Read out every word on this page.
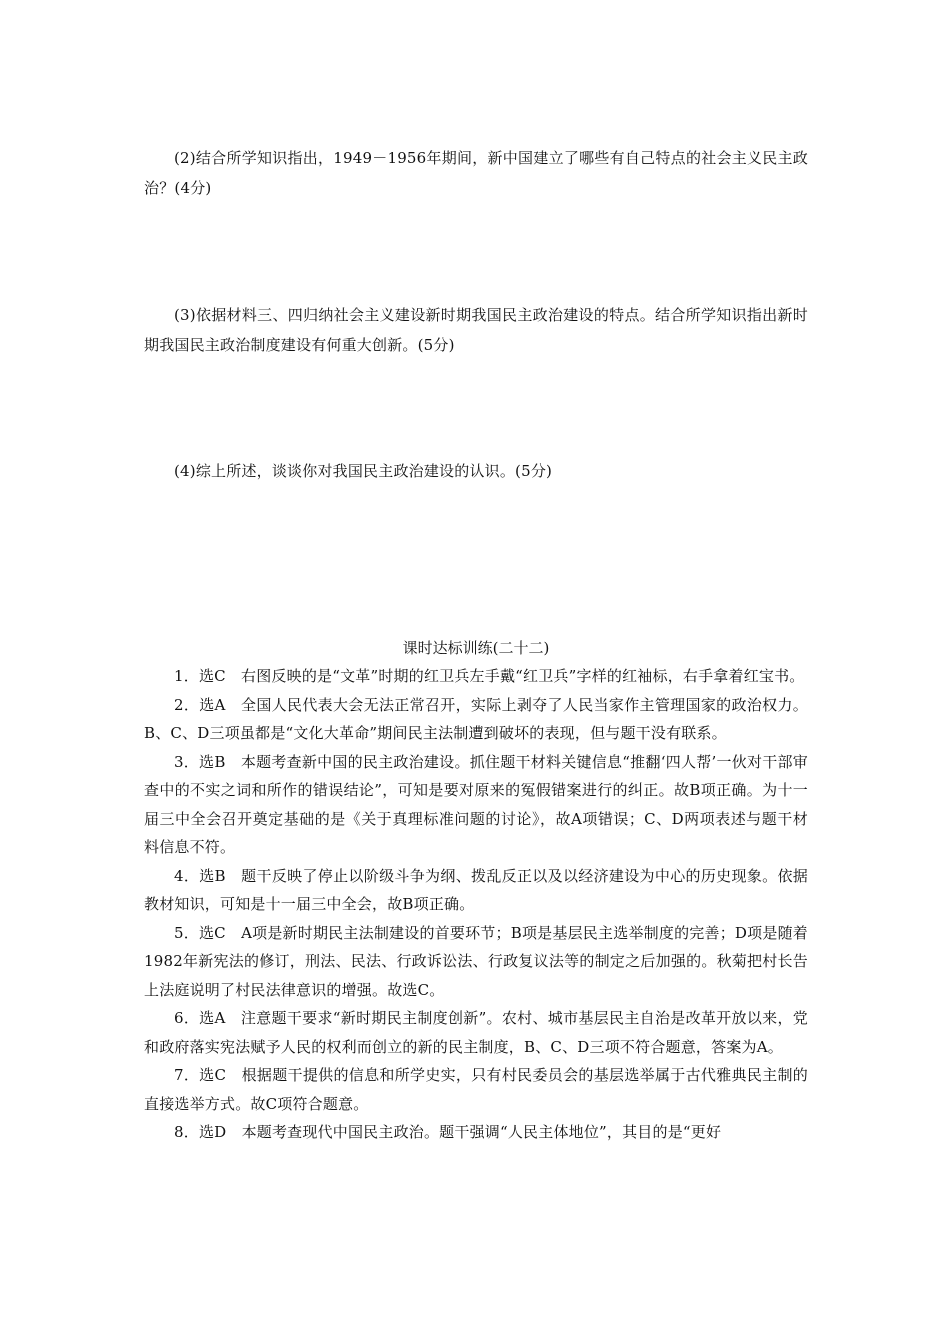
(2)结合所学知识指出，1949－1956年期间，新中国建立了哪些有自己特点的社会主义民主政治？(4分)

(3)依据材料三、四归纳社会主义建设新时期我国民主政治建设的特点。结合所学知识指出新时期我国民主政治制度建设有何重大创新。(5分)

(4)综上所述，谈谈你对我国民主政治建设的认识。(5分)

课时达标训练(二十二)

1．选C　右图反映的是“文革”时期的红卫兵左手戴“红卫兵”字样的红袖标，右手拿着红宝书。

2．选A　全国人民代表大会无法正常召开，实际上剥夺了人民当家作主管理国家的政治权力。B、C、D三项虽都是“文化大革命”期间民主法制遭到破坏的表现，但与题干没有联系。

3．选B　本题考查新中国的民主政治建设。抓住题干材料关键信息“推翻‘四人帮’一伙对干部审查中的不实之词和所作的错误结论”，可知是要对原来的冤假错案进行的纠正。故B项正确。为十一届三中全会召开奠定基础的是《关于真理标准问题的讨论》，故A项错误；C、D两项表述与题干材料信息不符。

4．选B　题干反映了停止以阶级斗争为纲、拨乱反正以及以经济建设为中心的历史现象。依据教材知识，可知是十一届三中全会，故B项正确。

5．选C　A项是新时期民主法制建设的首要环节；B项是基层民主选举制度的完善；D项是随着1982年新宪法的修订，刑法、民法、行政诉讼法、行政复议法等的制定之后加强的。秋菊把村长告上法庭说明了村民法律意识的增强。故选C。

6．选A　注意题干要求“新时期民主制度创新”。农村、城市基层民主自治是改革开放以来，党和政府落实宪法赋予人民的权利而创立的新的民主制度，B、C、D三项不符合题意，答案为A。

7．选C　根据题干提供的信息和所学史实，只有村民委员会的基层选举属于古代雅典民主制的直接选举方式。故C项符合题意。

8．选D　本题考查现代中国民主政治。题干强调“人民主体地位”，其目的是“更好
